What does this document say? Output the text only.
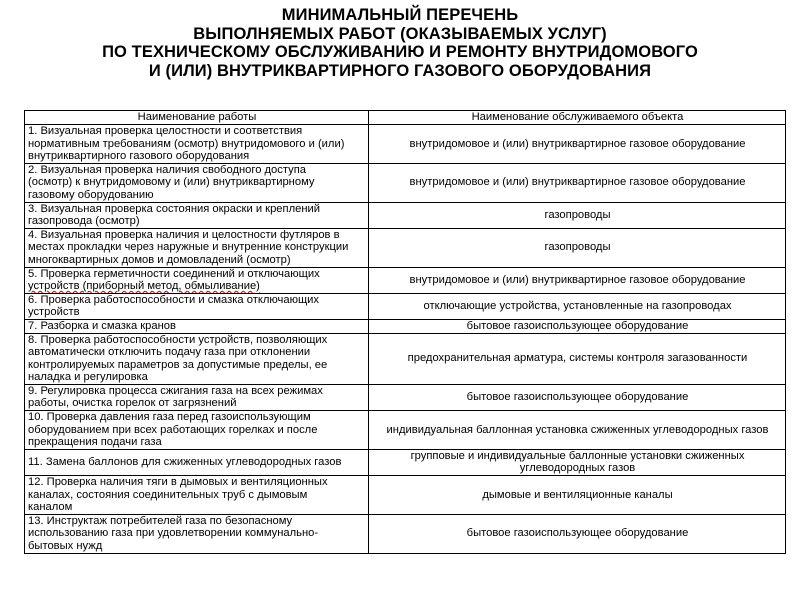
МИНИМАЛЬНЫЙ ПЕРЕЧЕНЬ
ВЫПОЛНЯЕМЫХ РАБОТ (ОКАЗЫВАЕМЫХ УСЛУГ)
ПО ТЕХНИЧЕСКОМУ ОБСЛУЖИВАНИЮ И РЕМОНТУ ВНУТРИДОМОВОГО
И (ИЛИ) ВНУТРИКВАРТИРНОГО ГАЗОВОГО ОБОРУДОВАНИЯ
Наименование работы	Наименование обслуживаемого объекта

1. Визуальная проверка целостности и соответствия
нормативным требованиям (осмотр) внутридомового и (или)
внутриквартирного газового оборудования	внутридомовое и (или) внутриквартирное газовое оборудование

2. Визуальная проверка наличия свободного доступа
(осмотр) к внутридомовому и (или) внутриквартирному
газовому оборудованию	внутридомовое и (или) внутриквартирное газовое оборудование

3. Визуальная проверка состояния окраски и креплений
газопровода (осмотр)	газопроводы

4. Визуальная проверка наличия и целостности футляров в
местах прокладки через наружные и внутренние конструкции
многоквартирных домов и домовладений (осмотр)	газопроводы

5. Проверка герметичности соединений и отключающих
устройств (приборный метод, обмыливание)	внутридомовое и (или) внутриквартирное газовое оборудование

6. Проверка работоспособности и смазка отключающих
устройств	отключающие устройства, установленные на газопроводах

7. Разборка и смазка кранов	бытовое газоиспользующее оборудование

8. Проверка работоспособности устройств, позволяющих
автоматически отключить подачу газа при отклонении
контролируемых параметров за допустимые пределы, ее
наладка и регулировка	предохранительная арматура, системы контроля загазованности

9. Регулировка процесса сжигания газа на всех режимах
работы, очистка горелок от загрязнений	бытовое газоиспользующее оборудование

10. Проверка давления газа перед газоиспользующим
оборудованием при всех работающих горелках и после
прекращения подачи газа	индивидуальная баллонная установка сжиженных углеводородных газов

11. Замена баллонов для сжиженных углеводородных газов	групповые и индивидуальные баллонные установки сжиженных
углеводородных газов

12. Проверка наличия тяги в дымовых и вентиляционных
каналах, состояния соединительных труб с дымовым
каналом	дымовые и вентиляционные каналы

13. Инструктаж потребителей газа по безопасному
использованию газа при удовлетворении коммунально-
бытовых нужд	бытовое газоиспользующее оборудование
